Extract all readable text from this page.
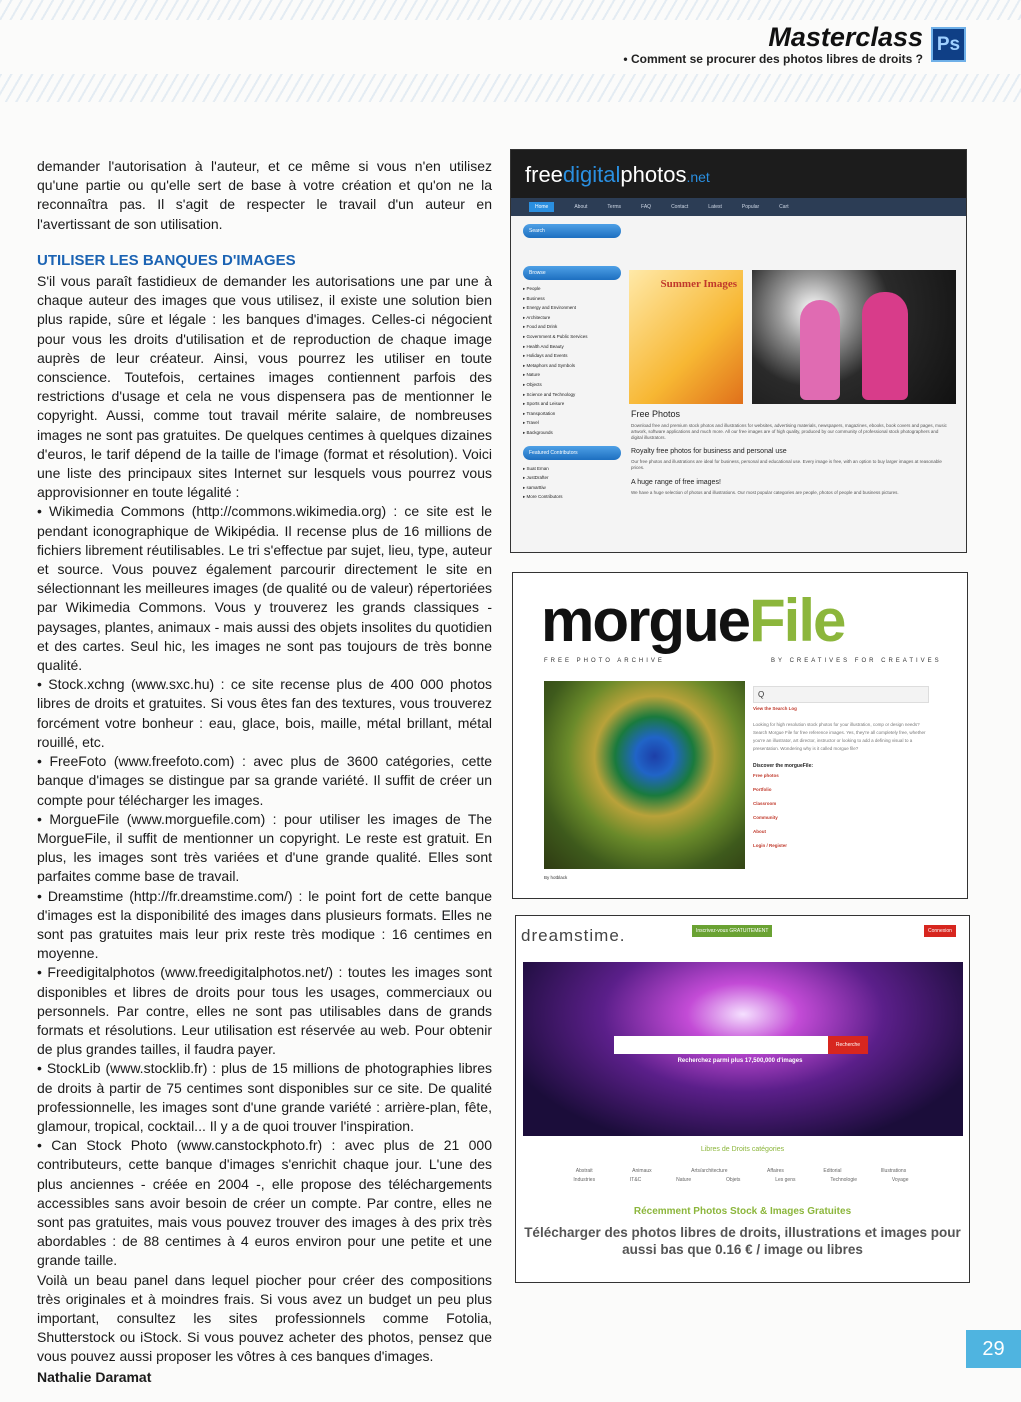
Masterclass
• Comment se procurer des photos libres de droits ?
Ps

demander l'autorisation à l'auteur, et ce même si vous n'en utilisez qu'une partie ou qu'elle sert de base à votre création et qu'on ne la reconnaîtra pas. Il s'agit de respecter le travail d'un auteur en l'avertissant de son utilisation.

UTILISER LES BANQUES D'IMAGES

S'il vous paraît fastidieux de demander les autorisations une par une à chaque auteur des images que vous utilisez, il existe une solution bien plus rapide, sûre et légale : les banques d'images. Celles-ci négocient pour vous les droits d'utilisation et de reproduction de chaque image auprès de leur créateur. Ainsi, vous pourrez les utiliser en toute conscience. Toutefois, certaines images contiennent parfois des restrictions d'usage et cela ne vous dispensera pas de mentionner le copyright. Aussi, comme tout travail mérite salaire, de nombreuses images ne sont pas gratuites. De quelques centimes à quelques dizaines d'euros, le tarif dépend de la taille de l'image (format et résolution). Voici une liste des principaux sites Internet sur lesquels vous pourrez vous approvisionner en toute légalité :

• Wikimedia Commons (http://commons.wikimedia.org) : ce site est le pendant iconographique de Wikipédia. Il recense plus de 16 millions de fichiers librement réutilisables. Le tri s'effectue par sujet, lieu, type, auteur et source. Vous pouvez également parcourir directement le site en sélectionnant les meilleures images (de qualité ou de valeur) répertoriées par Wikimedia Commons. Vous y trouverez les grands classiques - paysages, plantes, animaux - mais aussi des objets insolites du quotidien et des cartes. Seul hic, les images ne sont pas toujours de très bonne qualité.

• Stock.xchng (www.sxc.hu) : ce site recense plus de 400 000 photos libres de droits et gratuites. Si vous êtes fan des textures, vous trouverez forcément votre bonheur : eau, glace, bois, maille, métal brillant, métal rouillé, etc.

• FreeFoto (www.freefoto.com) : avec plus de 3600 catégories, cette banque d'images se distingue par sa grande variété. Il suffit de créer un compte pour télécharger les images.

• MorgueFile (www.morguefile.com) : pour utiliser les images de The MorgueFile, il suffit de mentionner un copyright. Le reste est gratuit. En plus, les images sont très variées et d'une grande qualité. Elles sont parfaites comme base de travail.

• Dreamstime (http://fr.dreamstime.com/) : le point fort de cette banque d'images est la disponibilité des images dans plusieurs formats. Elles ne sont pas gratuites mais leur prix reste très modique : 16 centimes en moyenne.

• Freedigitalphotos (www.freedigitalphotos.net/) : toutes les images sont disponibles et libres de droits pour tous les usages, commerciaux ou personnels. Par contre, elles ne sont pas utilisables dans de grands formats et résolutions. Leur utilisation est réservée au web. Pour obtenir de plus grandes tailles, il faudra payer.

• StockLib (www.stocklib.fr) : plus de 15 millions de photographies libres de droits à partir de 75 centimes sont disponibles sur ce site. De qualité professionnelle, les images sont d'une grande variété : arrière-plan, fête, glamour, tropical, cocktail... Il y a de quoi trouver l'inspiration.

• Can Stock Photo (www.canstockphoto.fr) : avec plus de 21 000 contributeurs, cette banque d'images s'enrichit chaque jour. L'une des plus anciennes - créée en 2004 -, elle propose des téléchargements accessibles sans avoir besoin de créer un compte. Par contre, elles ne sont pas gratuites, mais vous pouvez trouver des images à des prix très abordables : de 88 centimes à 4 euros environ pour une petite et une grande taille.

Voilà un beau panel dans lequel piocher pour créer des compositions très originales et à moindres frais. Si vous avez un budget un peu plus important, consultez les sites professionnels comme Fotolia, Shutterstock ou iStock. Si vous pouvez acheter des photos, pensez que vous pouvez aussi proposer les vôtres à ces banques d'images.

Nathalie Daramat

freedigitalphotos.net
Home	About	Terms	FAQ	Contact	Latest	Popular	Cart
Search
Browse
▸ People
▸ Business
▸ Energy and Environment
▸ Architecture
▸ Food and Drink
▸ Government & Public Services
▸ Health And Beauty
▸ Holidays and Events
▸ Metaphors and Symbols
▸ Nature
▸ Objects
▸ Science and Technology
▸ Sports and Leisure
▸ Transportation
▸ Travel
▸ Backgrounds
Featured Contributors
▸ Suat Eman
▸ JustDrafter
▸ samarttiw
▸ More Contributors
Summer Images
Free Photos
Download free and premium stock photos and illustrations for websites, advertising materials, newspapers, magazines, ebooks, book covers and pages, music artwork, software applications and much more. All our free images are of high quality, produced by our community of professional stock photographers and digital illustrators.
Royalty free photos for business and personal use
Our free photos and illustrations are ideal for business, personal and educational use. Every image is free, with an option to buy larger images at reasonable prices.
A huge range of free images!
We have a huge selection of photos and illustrations. Our most popular categories are people, photos of people and business pictures.
morgueFile
FREE PHOTO ARCHIVE	BY CREATIVES FOR CREATIVES
By hotblack
Q
View the Search Log
Looking for high resolution stock photos for your illustration, comp or design needs? Search Morgue File for free reference images. Yes, they're all completely free, whether you're an illustrator, art director, instructor or looking to add a defining visual to a presentation. Wondering why is it called morgue file?
Discover the morgueFile:
Free photos
Portfolio
Classroom
Community
About
Login / Register
dreamstime.	Inscrivez-vous GRATUITEMENT	Connexion
Recherche
Recherchez parmi plus 17,500,000 d'images
Libres de Droits catégories
Abstrait	Animaux	Arts/architecture	Affaires	Editorial	Illustrations
Industries	IT&C	Nature	Objets	Les gens	Technologie	Voyage
Récemment Photos Stock & Images Gratuites
Télécharger des photos libres de droits, illustrations et images pour aussi bas que 0.16 € / image ou libres
29
